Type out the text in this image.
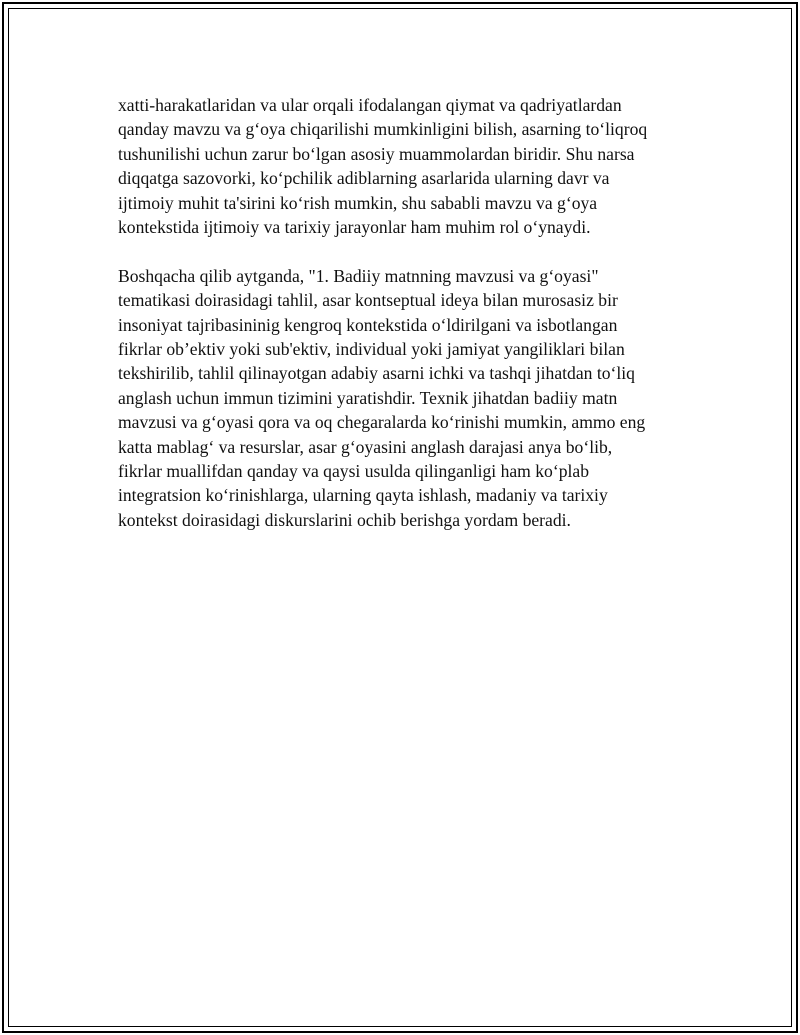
xatti-harakatlaridan va ular orqali ifodalangan qiymat va qadriyatlardan

qanday mavzu va g‘oya chiqarilishi mumkinligini bilish, asarning to‘liqroq

tushunilishi uchun zarur bo‘lgan asosiy muammolardan biridir. Shu narsa

diqqatga sazovorki, ko‘pchilik adiblarning asarlarida ularning davr va

ijtimoiy muhit ta'sirini ko‘rish mumkin, shu sababli mavzu va g‘oya

kontekstida ijtimoiy va tarixiy jarayonlar ham muhim rol o‘ynaydi.

Boshqacha qilib aytganda, "1. Badiiy matnning mavzusi va g‘oyasi"

tematikasi doirasidagi tahlil, asar kontseptual ideya bilan murosasiz bir

insoniyat tajribasininig kengroq kontekstida o‘ldirilgani va isbotlangan

fikrlar ob’ektiv yoki sub'ektiv, individual yoki jamiyat yangiliklari bilan

tekshirilib, tahlil qilinayotgan adabiy asarni ichki va tashqi jihatdan to‘liq

anglash uchun immun tizimini yaratishdir. Texnik jihatdan badiiy matn

mavzusi va g‘oyasi qora va oq chegaralarda ko‘rinishi mumkin, ammo eng

katta mablag‘ va resurslar, asar g‘oyasini anglash darajasi anya bo‘lib,

fikrlar muallifdan qanday va qaysi usulda qilinganligi ham ko‘plab

integratsion ko‘rinishlarga, ularning qayta ishlash, madaniy va tarixiy

kontekst doirasidagi diskurslarini ochib berishga yordam beradi.
